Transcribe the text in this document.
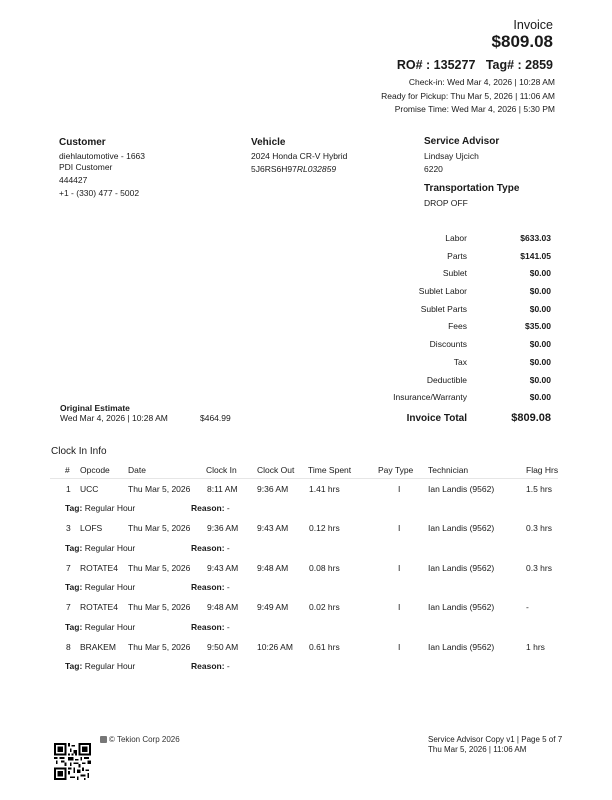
Invoice
$809.08
RO# : 135277 Tag# : 2859
Check-in: Wed Mar 4, 2026 | 10:28 AM
Ready for Pickup: Thu Mar 5, 2026 | 11:06 AM
Promise Time: Wed Mar 4, 2026 | 5:30 PM
Customer
diehlautomotive - 1663
PDI Customer
444427
+1 - (330) 477 - 5002
Vehicle
2024 Honda CR-V Hybrid
5J6RS6H97RL032859
Service Advisor
Lindsay Ujcich
6220
Transportation Type
DROP OFF
Labor	$633.03
Parts	$141.05
Sublet	$0.00
Sublet Labor	$0.00
Sublet Parts	$0.00
Fees	$35.00
Discounts	$0.00
Tax	$0.00
Deductible	$0.00
Insurance/Warranty	$0.00
Invoice Total	$809.08
Original Estimate
Wed Mar 4, 2026 | 10:28 AM	$464.99
Clock In Info
# Opcode Date	Clock In Clock Out Time Spent	Pay Type Technician	Flag Hrs
1 UCC	Thu Mar 5, 2026 8:11 AM 9:36 AM 1.41 hrs	I	Ian Landis (9562)	1.5 hrs
Tag: Regular Hour	Reason: -
3 LOFS	Thu Mar 5, 2026 9:36 AM 9:43 AM 0.12 hrs	I	Ian Landis (9562)	0.3 hrs
Tag: Regular Hour	Reason: -
7 ROTATE4 Thu Mar 5, 2026 9:43 AM 9:48 AM 0.08 hrs	I	Ian Landis (9562)	0.3 hrs
Tag: Regular Hour	Reason: -
7 ROTATE4 Thu Mar 5, 2026 9:48 AM 9:49 AM 0.02 hrs	I	Ian Landis (9562)	-
Tag: Regular Hour	Reason: -
8 BRAKEM Thu Mar 5, 2026 9:50 AM 10:26 AM 0.61 hrs	I	Ian Landis (9562)	1 hrs
Tag: Regular Hour	Reason: -
© Tekion Corp 2026	Service Advisor Copy v1 | Page 5 of 7
Thu Mar 5, 2026 | 11:06 AM
